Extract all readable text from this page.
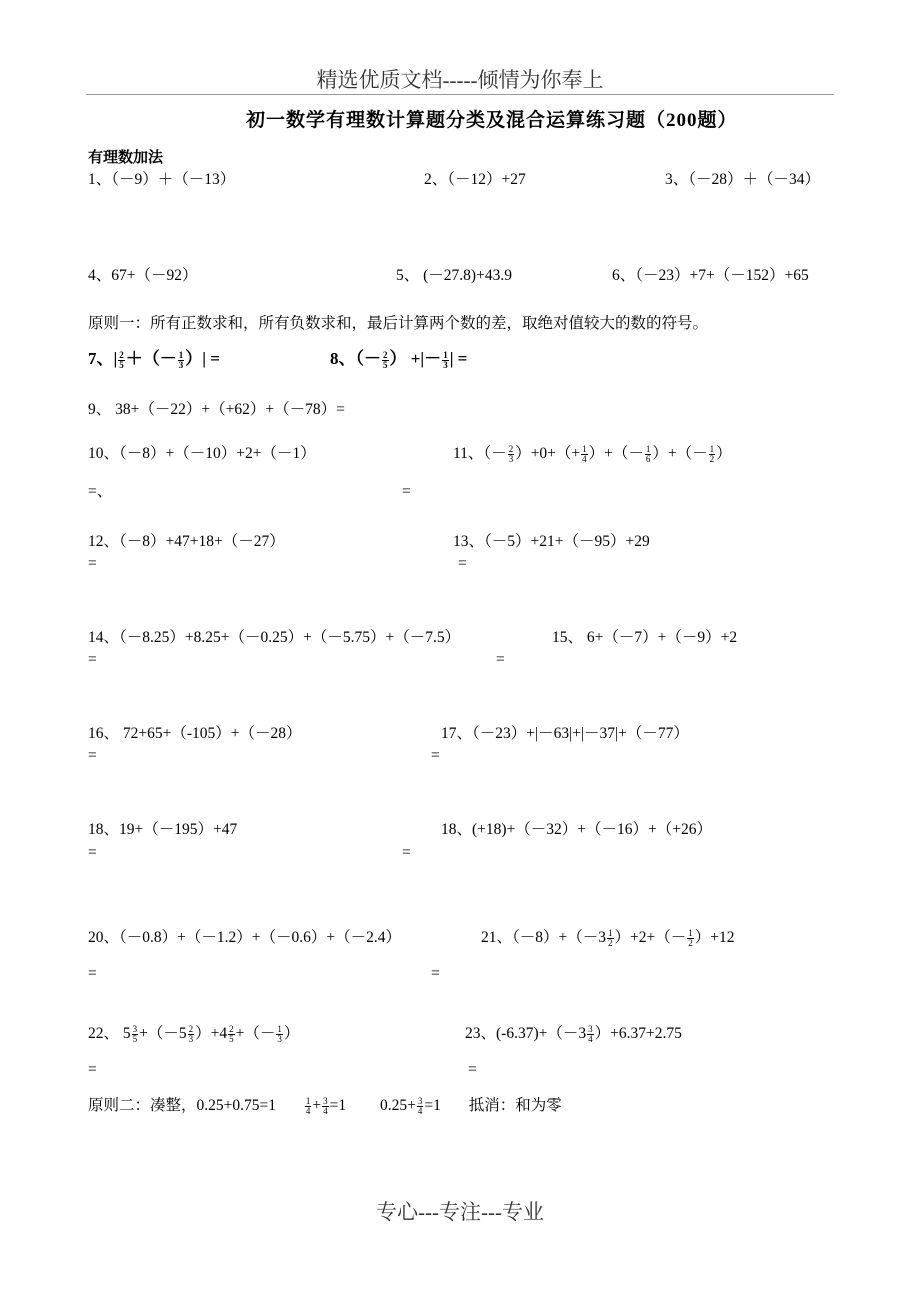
精选优质文档-----倾情为你奉上
初一数学有理数计算题分类及混合运算练习题（200题）
有理数加法
1、（－9）＋（－13）	2、（－12）+27	3、（－28）＋（－34）
4、67+（－92）	5、 (－27.8)+43.9	6、（－23）+7+（－152）+65
原则一：所有正数求和，所有负数求和，最后计算两个数的差，取绝对值较大的数的符号。
7、| $\frac{2}{5}$ ＋（－ $\frac{1}{3}$ ）| =	8、（－ $\frac{2}{5}$ ） +|－ $\frac{1}{3}$ | =
9、 38+（－22）+（+62）+（－78）=
10、（－8）+（－10）+2+（－1）
=、
11、（－ $\frac{2}{3} )+0+(+ \frac{1}{4}$ ）+（－ $\frac{1}{6}$ ）+（－ $\frac{1}{2}$ ）
=
12、（－8）+47+18+（－27）
=
13、（－5）+21+（－95）+29
=
14、（－8.25）+8.25+（－0.25）+（－5.75）+（－7.5）
=
15、 6+（－7）+（－9）+2
=
16、 72+65+（-105）+（－28）
=
17、（－23）+|－63|+|－37|+（－77）
=
18、19+（－195）+47
=
18、(+18)+（－32）+（－16）+（+26）
=
20、（－0.8）+（－1.2）+（－0.6）+（－2.4）
=
21、$(-8)+(-3 \frac{1}{2} )+2+(- \frac{1}{2} )+12$
=
22、 $5 \frac{3}{5} +(-5 \frac{2}{3} )+4 \frac{2}{5}$ +（－ $\frac{1}{3}$ ）
=
23、$(-6.37)+(-3 \frac{3}{4} )+6.37+2.75$
=
原则二：凑整，0.25+0.75=1	$\frac{1}{4} + \frac{3}{4} =1$ $0.25+ \frac{3}{4} =1$ 抵消：和为零
专心---专注---专业
